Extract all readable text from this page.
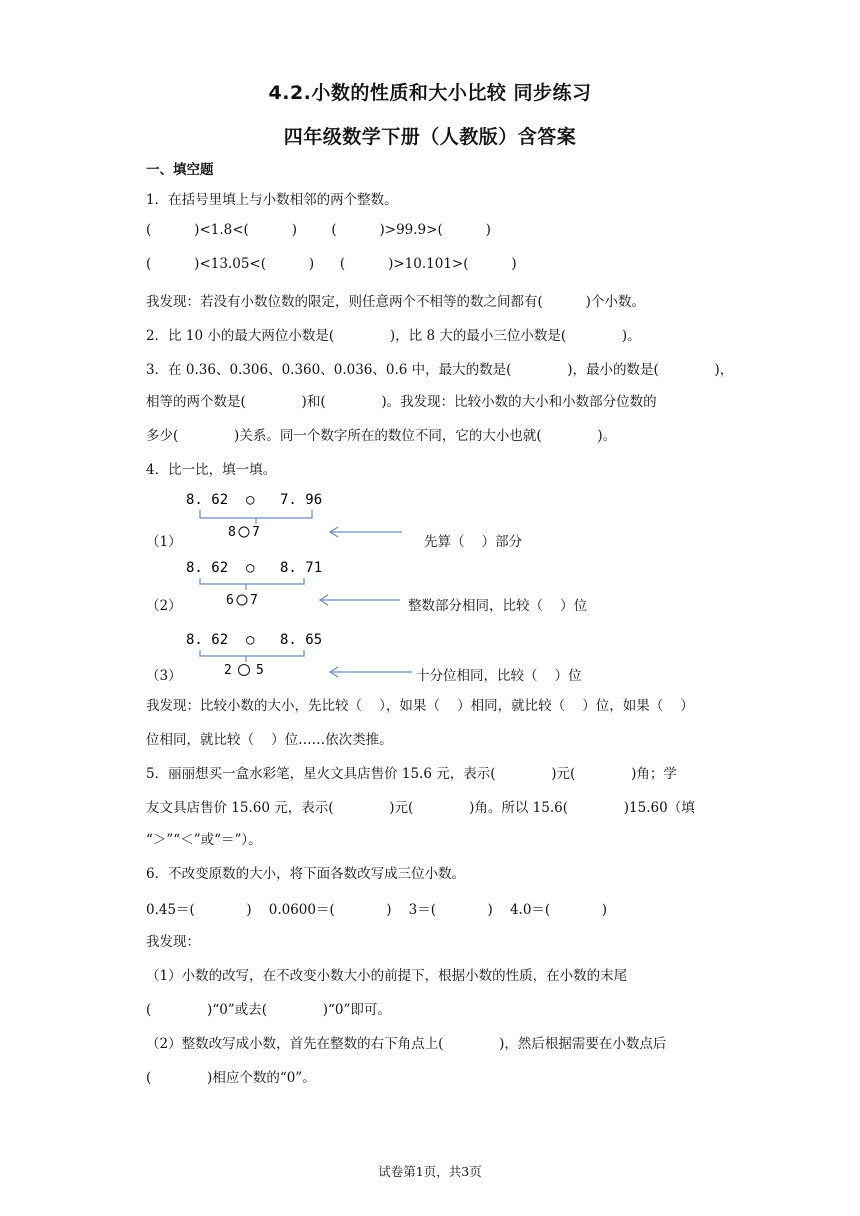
4.2.小数的性质和大小比较 同步练习
四年级数学下册（人教版）含答案
一、填空题
1．在括号里填上与小数相邻的两个整数。
(          )<1.8<(          )        (          )>99.9>(          )
(          )<13.05<(          )      (          )>10.101>(          )
我发现：若没有小数位数的限定，则任意两个不相等的数之间都有(          )个小数。
2．比 10 小的最大两位小数是(             )，比 8 大的最小三位小数是(             )。
3．在 0.36、0.306、0.360、0.036、0.6 中，最大的数是(             )，最小的数是(             )，
相等的两个数是(             )和(             )。我发现：比较小数的大小和小数部分位数的
多少(             )关系。同一个数字所在的数位不同，它的大小也就(             )。
4．比一比，填一填。
8. 62 ○ 7. 96
8 7
（1）	先算（    ）部分
8. 62 ○ 8. 71
6 7
（2）	整数部分相同，比较（    ）位
8. 62 ○ 8. 65
2 5
（3）	十分位相同，比较（    ）位
我发现：比较小数的大小，先比较（    ），如果（    ）相同，就比较（    ）位，如果（    ）
位相同，就比较（    ）位……依次类推。
5．丽丽想买一盒水彩笔，星火文具店售价 15.6 元，表示(             )元(             )角；学
友文具店售价 15.60 元，表示(             )元(             )角。所以 15.6(             )15.60（填
“＞”“＜”或“＝”）。
6．不改变原数的大小，将下面各数改写成三位小数。
0.45＝(            )    0.0600＝(            )    3＝(            )    4.0＝(            )
我发现：
（1）小数的改写，在不改变小数大小的前提下，根据小数的性质，在小数的末尾
(             )“0”或去(             )“0”即可。
（2）整数改写成小数，首先在整数的右下角点上(             )，然后根据需要在小数点后
(             )相应个数的“0”。
试卷第1页，共3页
